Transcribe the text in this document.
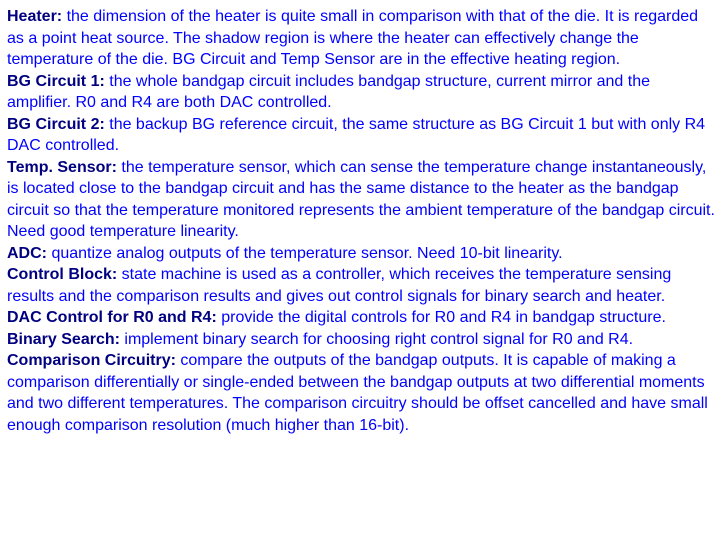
Heater: the dimension of the heater is quite small in comparison with that of the die. It is regarded as a point heat source. The shadow region is where the heater can effectively change the temperature of the die. BG Circuit and Temp Sensor are in the effective heating region.

BG Circuit 1: the whole bandgap circuit includes bandgap structure, current mirror and the amplifier. R0 and R4 are both DAC controlled.

BG Circuit 2: the backup BG reference circuit, the same structure as BG Circuit 1 but with only R4 DAC controlled.

Temp. Sensor: the temperature sensor, which can sense the temperature change instantaneously, is located close to the bandgap circuit and has the same distance to the heater as the bandgap circuit so that the temperature monitored represents the ambient temperature of the bandgap circuit. Need good temperature linearity.

ADC: quantize analog outputs of the temperature sensor. Need 10-bit linearity.

Control Block: state machine is used as a controller, which receives the temperature sensing results and the comparison results and gives out control signals for binary search and heater.

DAC Control for R0 and R4: provide the digital controls for R0 and R4 in bandgap structure.

Binary Search: implement binary search for choosing right control signal for R0 and R4.

Comparison Circuitry: compare the outputs of the bandgap outputs. It is capable of making a comparison differentially or single-ended between the bandgap outputs at two differential moments and two different temperatures. The comparison circuitry should be offset cancelled and have small enough comparison resolution (much higher than 16-bit).
